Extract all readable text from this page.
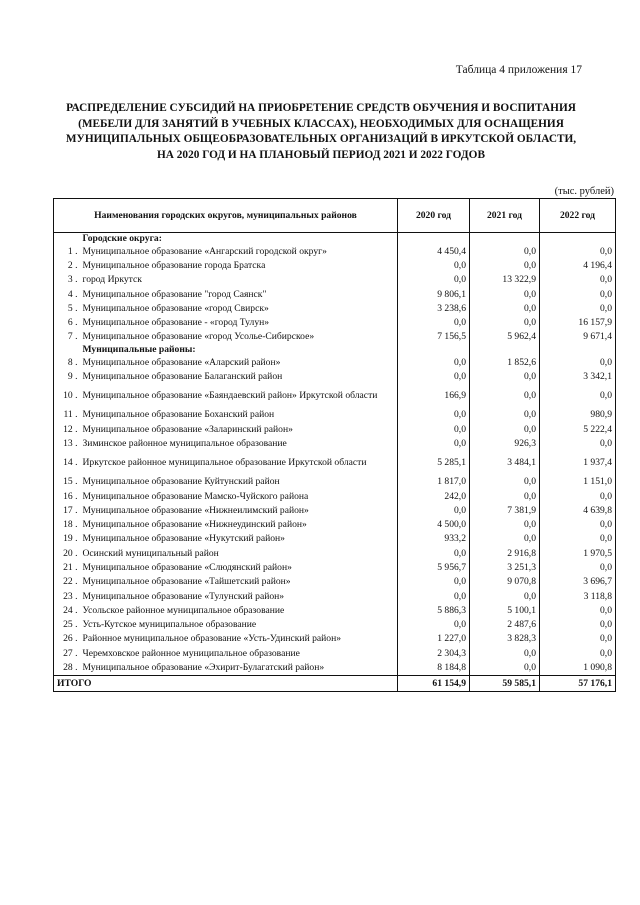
Таблица 4 приложения 17
РАСПРЕДЕЛЕНИЕ СУБСИДИЙ НА ПРИОБРЕТЕНИЕ СРЕДСТВ ОБУЧЕНИЯ И ВОСПИТАНИЯ
(МЕБЕЛИ ДЛЯ ЗАНЯТИЙ В УЧЕБНЫХ КЛАССАХ), НЕОБХОДИМЫХ ДЛЯ ОСНАЩЕНИЯ
МУНИЦИПАЛЬНЫХ ОБЩЕОБРАЗОВАТЕЛЬНЫХ ОРГАНИЗАЦИЙ В ИРКУТСКОЙ ОБЛАСТИ,
НА 2020 ГОД И НА ПЛАНОВЫЙ ПЕРИОД 2021 И 2022 ГОДОВ
(тыс. рублей)
Наименования городских округов, муниципальных районов		2020 год	2021 год	2022 год
	Городские округа:			
1 .	Муниципальное образование «Ангарский городской округ»	4 450,4	0,0	0,0
2 .	Муниципальное образование города Братска	0,0	0,0	4 196,4
3 .	город Иркутск	0,0	13 322,9	0,0
4 .	Муниципальное образование "город Саянск"	9 806,1	0,0	0,0
5 .	Муниципальное образование «город Свирск»	3 238,6	0,0	0,0
6 .	Муниципальное образование - «город Тулун»	0,0	0,0	16 157,9
7 .	Муниципальное образование «город Усолье-Сибирское»	7 156,5	5 962,4	9 671,4
	Муниципальные районы:			
8 .	Муниципальное образование «Аларский район»	0,0	1 852,6	0,0
9 .	Муниципальное образование Балаганский район	0,0	0,0	3 342,1
10 .	Муниципальное образование «Баяндаевский район» Иркутской области	166,9	0,0	0,0
11 .	Муниципальное образование Боханский район	0,0	0,0	980,9
12 .	Муниципальное образование «Заларинский район»	0,0	0,0	5 222,4
13 .	Зиминское районное муниципальное образование	0,0	926,3	0,0
14 .	Иркутское районное муниципальное образование Иркутской области	5 285,1	3 484,1	1 937,4
15 .	Муниципальное образование Куйтунский район	1 817,0	0,0	1 151,0
16 .	Муниципальное образование Мамско-Чуйского района	242,0	0,0	0,0
17 .	Муниципальное образование «Нижнеилимский район»	0,0	7 381,9	4 639,8
18 .	Муниципальное образование «Нижнеудинский район»	4 500,0	0,0	0,0
19 .	Муниципальное образование «Нукутский район»	933,2	0,0	0,0
20 .	Осинский муниципальный район	0,0	2 916,8	1 970,5
21 .	Муниципальное образование «Слюдянский район»	5 956,7	3 251,3	0,0
22 .	Муниципальное образование «Тайшетский район»	0,0	9 070,8	3 696,7
23 .	Муниципальное образование «Тулунский район»	0,0	0,0	3 118,8
24 .	Усольское районное муниципальное образование	5 886,3	5 100,1	0,0
25 .	Усть-Кутское муниципальное образование	0,0	2 487,6	0,0
26 .	Районное муниципальное образование «Усть-Удинский район»	1 227,0	3 828,3	0,0
27 .	Черемховское районное муниципальное образование	2 304,3	0,0	0,0
28 .	Муниципальное образование «Эхирит-Булагатский район»	8 184,8	0,0	1 090,8
ИТОГО		61 154,9	59 585,1	57 176,1
